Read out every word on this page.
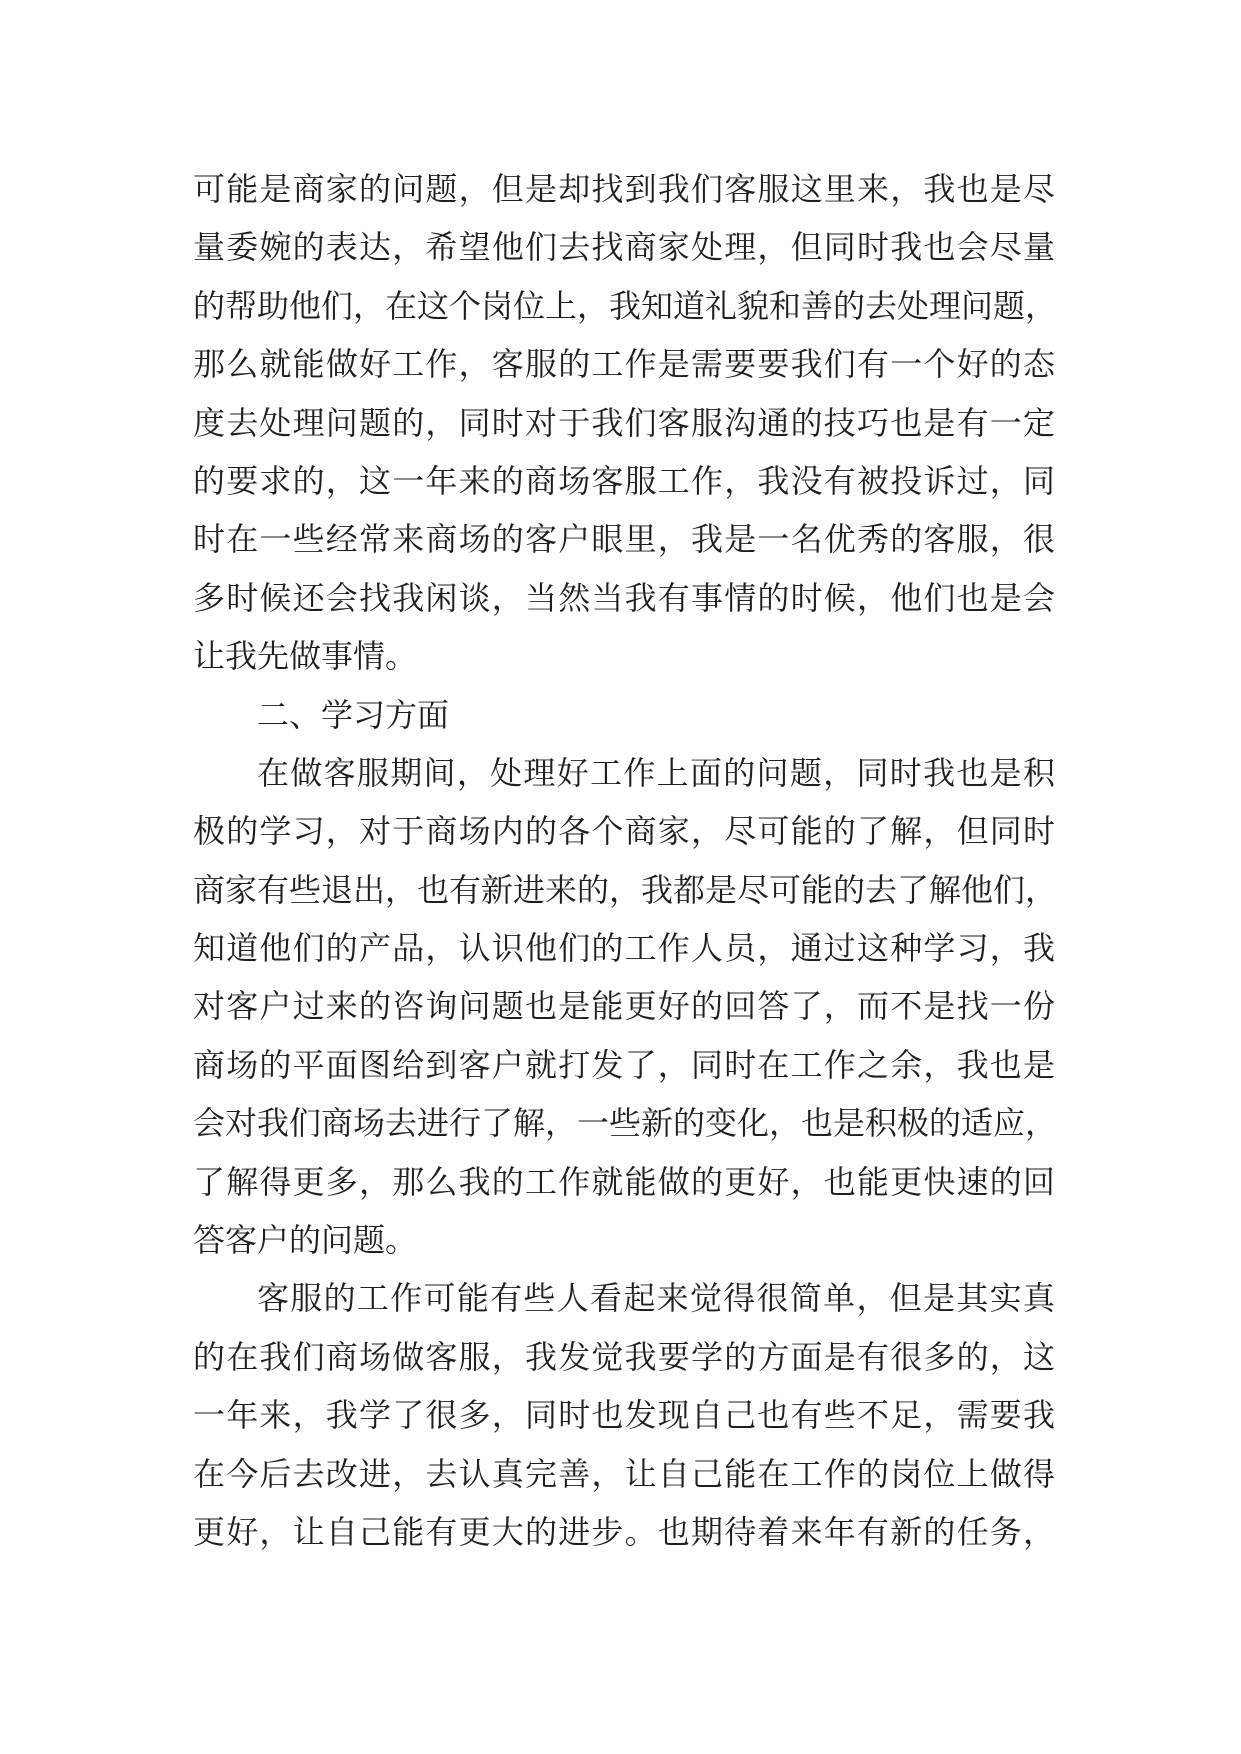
可能是商家的问题，但是却找到我们客服这里来，我也是尽
量委婉的表达，希望他们去找商家处理，但同时我也会尽量
的帮助他们，在这个岗位上，我知道礼貌和善的去处理问题，
那么就能做好工作，客服的工作是需要要我们有一个好的态
度去处理问题的，同时对于我们客服沟通的技巧也是有一定
的要求的，这一年来的商场客服工作，我没有被投诉过，同
时在一些经常来商场的客户眼里，我是一名优秀的客服，很
多时候还会找我闲谈，当然当我有事情的时候，他们也是会
让我先做事情。
二、学习方面
在做客服期间，处理好工作上面的问题，同时我也是积
极的学习，对于商场内的各个商家，尽可能的了解，但同时
商家有些退出，也有新进来的，我都是尽可能的去了解他们，
知道他们的产品，认识他们的工作人员，通过这种学习，我
对客户过来的咨询问题也是能更好的回答了，而不是找一份
商场的平面图给到客户就打发了，同时在工作之余，我也是
会对我们商场去进行了解，一些新的变化，也是积极的适应，
了解得更多，那么我的工作就能做的更好，也能更快速的回
答客户的问题。
客服的工作可能有些人看起来觉得很简单，但是其实真
的在我们商场做客服，我发觉我要学的方面是有很多的，这
一年来，我学了很多，同时也发现自己也有些不足，需要我
在今后去改进，去认真完善，让自己能在工作的岗位上做得
更好，让自己能有更大的进步。也期待着来年有新的任务，
